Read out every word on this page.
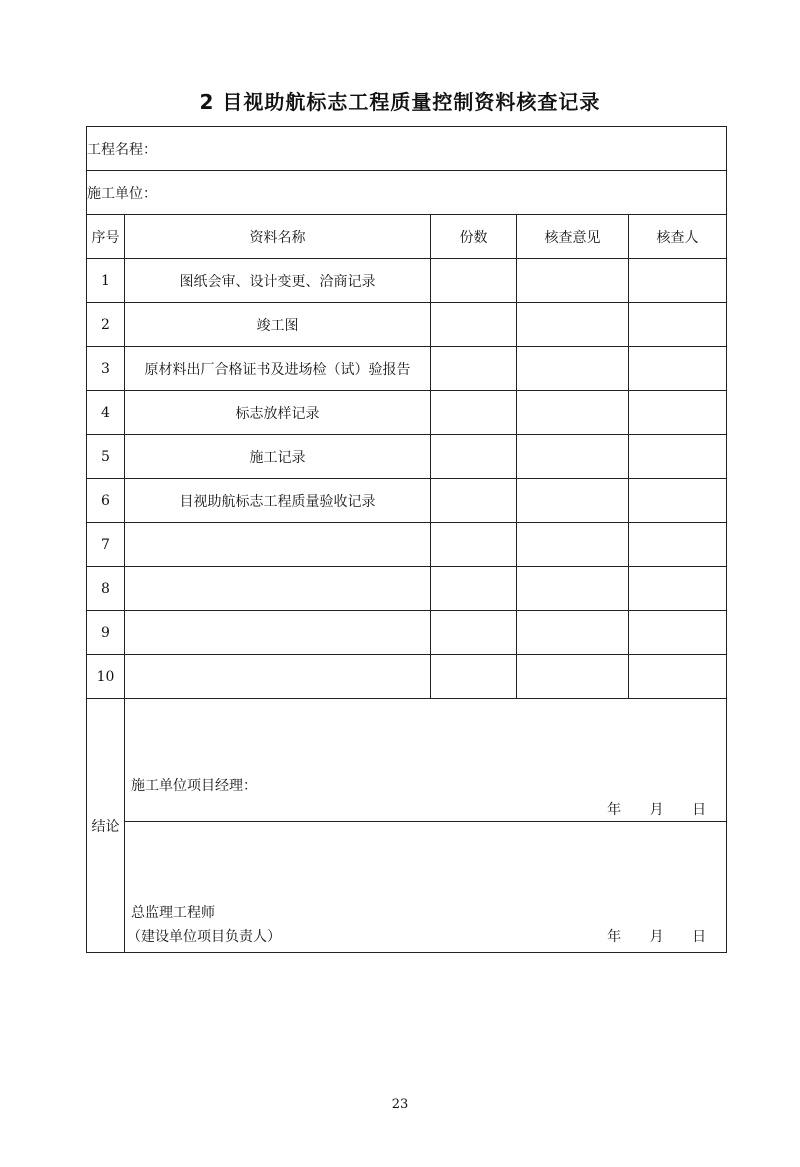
2 目视助航标志工程质量控制资料核查记录
工程名程：				
施工单位：				
序号	资料名称	份数	核查意见	核查人
1	图纸会审、设计变更、洽商记录			
2	竣工图			
3	原材料出厂合格证书及进场检（试）验报告			
4	标志放样记录			
5	施工记录			
6	目视助航标志工程质量验收记录			
7				
8				
9				
10				
结论	施工单位项目经理：
年 月 日			

	总监理工程师
（建设单位项目负责人） 年 月 日			
23
